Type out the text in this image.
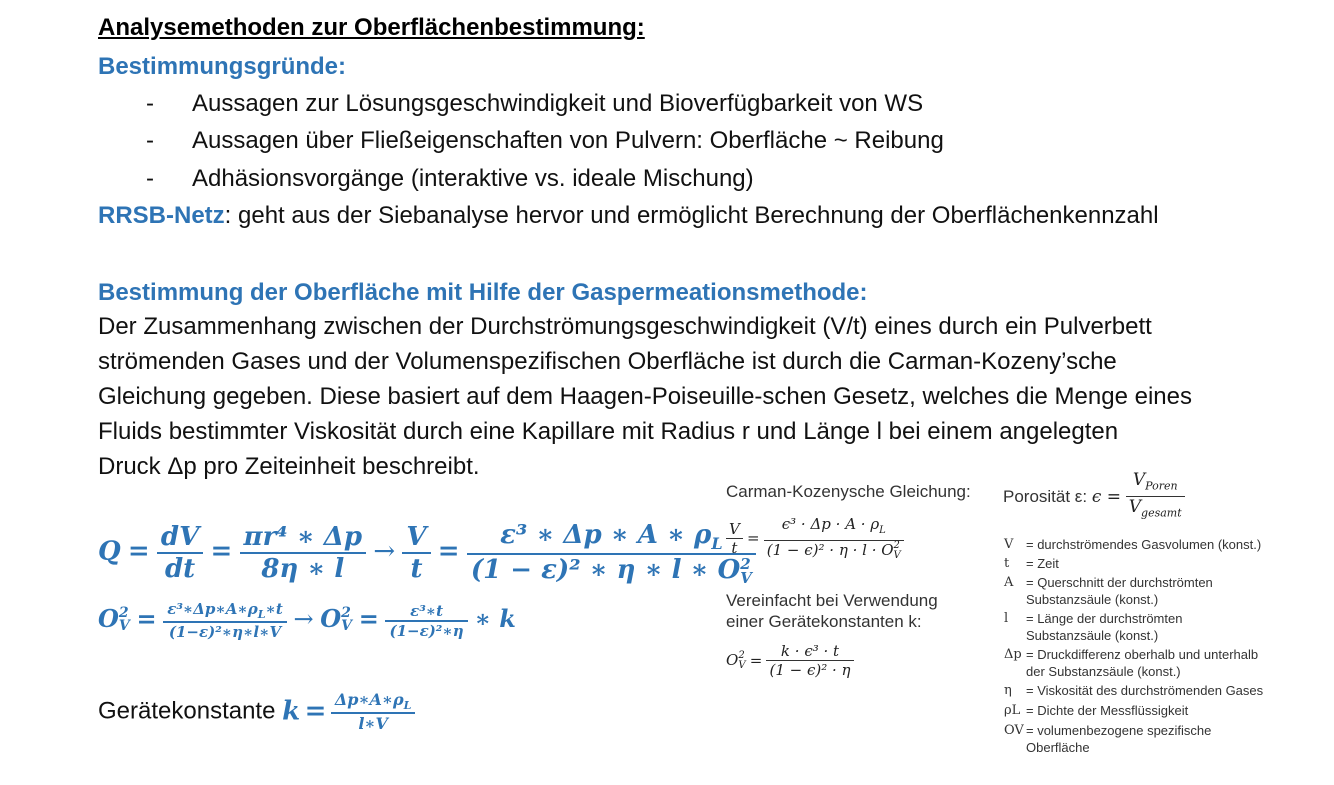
Analysemethoden zur Oberflächenbestimmung:
Bestimmungsgründe:
- Aussagen zur Lösungsgeschwindigkeit und Bioverfügbarkeit von WS
- Aussagen über Fließeigenschaften von Pulvern: Oberfläche ~ Reibung
- Adhäsionsvorgänge (interaktive vs. ideale Mischung)
RRSB-Netz: geht aus der Siebanalyse hervor und ermöglicht Berechnung der Oberflächenkennzahl
Bestimmung der Oberfläche mit Hilfe der Gaspermeationsmethode:
Der Zusammenhang zwischen der Durchströmungsgeschwindigkeit (V/t) eines durch ein Pulverbett
strömenden Gases und der Volumenspezifischen Oberfläche ist durch die Carman-Kozeny’sche
Gleichung gegeben. Diese basiert auf dem Haagen-Poiseuille-schen Gesetz, welches die Menge eines
Fluids bestimmter Viskosität durch eine Kapillare mit Radius r und Länge l bei einem angelegten
Druck Δp pro Zeiteinheit beschreibt.
$Q = \frac{dV}{dt} = \frac{\text{πr⁴ ∗ Δp}}{8\eta ∗ l} \to \frac{V}{t} = \varepsilon^3$ ∗ Δp ∗ A ∗ $\rho_L$
(1 − ε)² ∗ η ∗ l ∗ O 2
V
O 2
$V = \frac{\varepsilon^3∗\Delta p∗A∗\rho_L∗t}{\text{(1−ε)²∗η∗l∗V}} \to O$ 2
$V = \frac{\text{ε³∗t}}{\text{(1−ε)²∗η}}$ ∗ k
Gerätekonstante $k = \frac{\Delta p∗A∗\rho_L}{l∗V}$
Carman-Kozenysche Gleichung: Porosität ε: ϵ =
$V_{Poren}$
$V_{gesamt}$
$\frac{V}{t} = \epsilon^3 \cdot \Delta p \cdot A \cdot \rho_L$
(1 − ϵ)² · η · l · O 2
V
Vereinfacht bei Verwendung
einer Gerätekonstanten k:
O 2
$V = \frac{\text{k · ϵ³ · t}}{\text{(1 − ϵ)² · η}}$
V = durchströmendes Gasvolumen (konst.)
t	= Zeit
A = Querschnitt der durchströmten Substanzsäule (konst.)
l	= Länge der durchströmten Substanzsäule (konst.)
Δp = Druckdifferenz oberhalb und unterhalb der Substanzsäule (konst.)
η	= Viskosität des durchströmenden Gases
ρL = Dichte der Messflüssigkeit
OV = volumenbezogene spezifische Oberfläche
